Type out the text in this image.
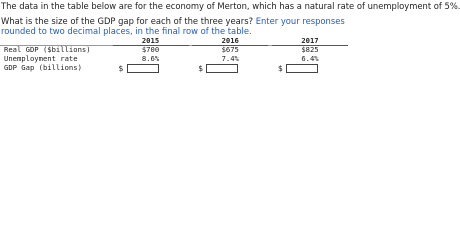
The data in the table below are for the economy of Merton, which has a natural rate of unemployment of 5%.
What is the size of the GDP gap for each of the three years? Enter your responses rounded to two decimal places, in the final row of the table.
	2015		2016		2017
Real GDP ($billions)	$700		$675		$825
Unemployment rate	8.6%		7.4%		6.4%
GDP Gap (billions)	$		$		$
